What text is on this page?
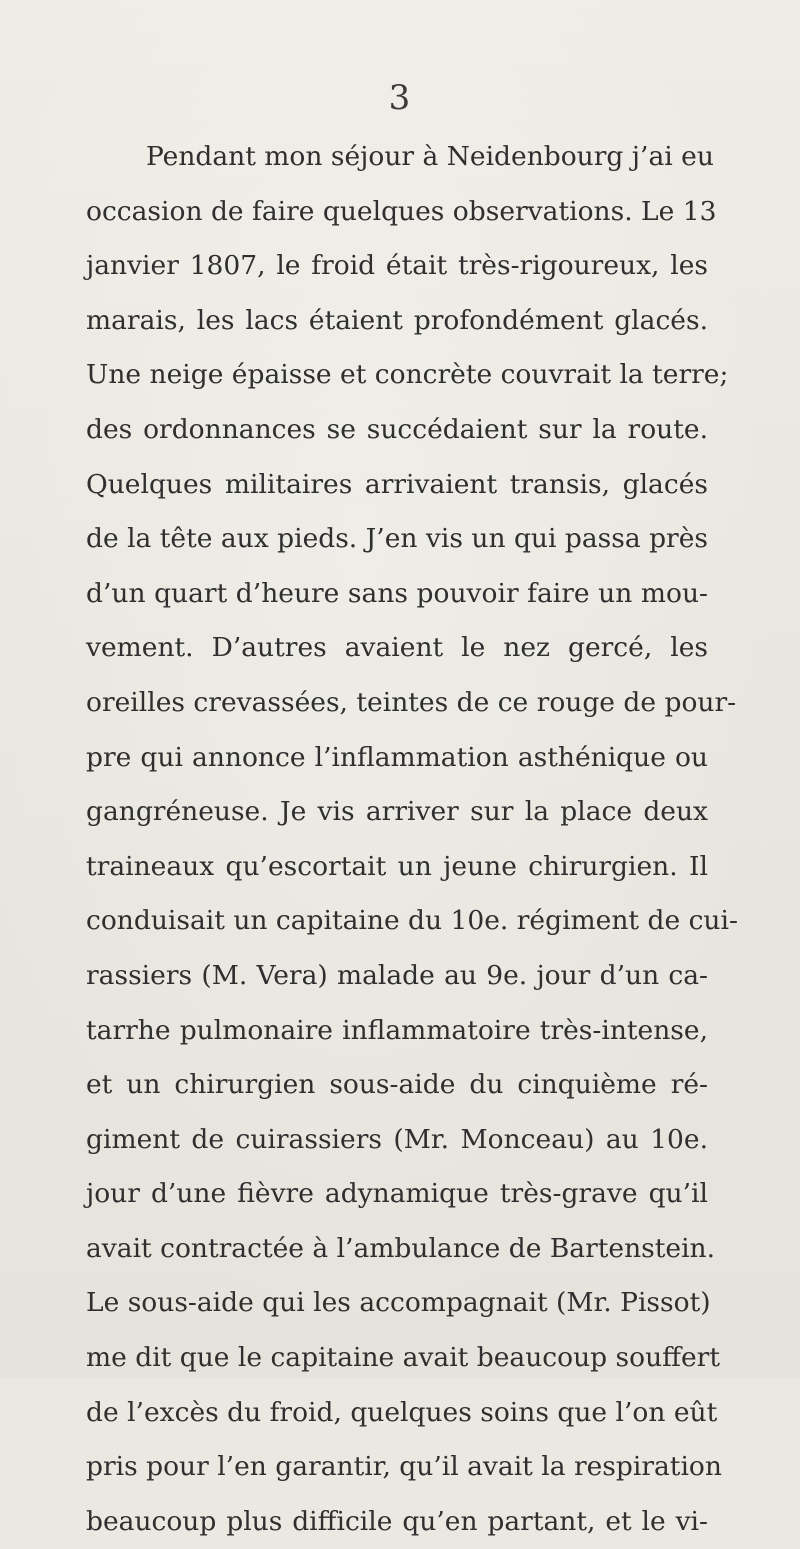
3
Pendant mon séjour à Neidenbourg j’ai eu
occasion de faire quelques observations. Le 13
janvier 1807, le froid était très-rigoureux, les
marais, les lacs étaient profondément glacés.
Une neige épaisse et concrète couvrait la terre;
des ordonnances se succédaient sur la route.
Quelques militaires arrivaient transis, glacés
de la tête aux pieds. J’en vis un qui passa près
d’un quart d’heure sans pouvoir faire un mou-
vement. D’autres avaient le nez gercé, les
oreilles crevassées, teintes de ce rouge de pour-
pre qui annonce l’inflammation asthénique ou
gangréneuse. Je vis arriver sur la place deux
traineaux qu’escortait un jeune chirurgien. Il
conduisait un capitaine du 10e. régiment de cui-
rassiers (M. Vera) malade au 9e. jour d’un ca-
tarrhe pulmonaire inflammatoire très-intense,
et un chirurgien sous-aide du cinquième ré-
giment de cuirassiers (Mr. Monceau) au 10e.
jour d’une fièvre adynamique très-grave qu’il
avait contractée à l’ambulance de Bartenstein.
Le sous-aide qui les accompagnait (Mr. Pissot)
me dit que le capitaine avait beaucoup souffert
de l’excès du froid, quelques soins que l’on eût
pris pour l’en garantir, qu’il avait la respiration
beaucoup plus difficile qu’en partant, et le vi-
